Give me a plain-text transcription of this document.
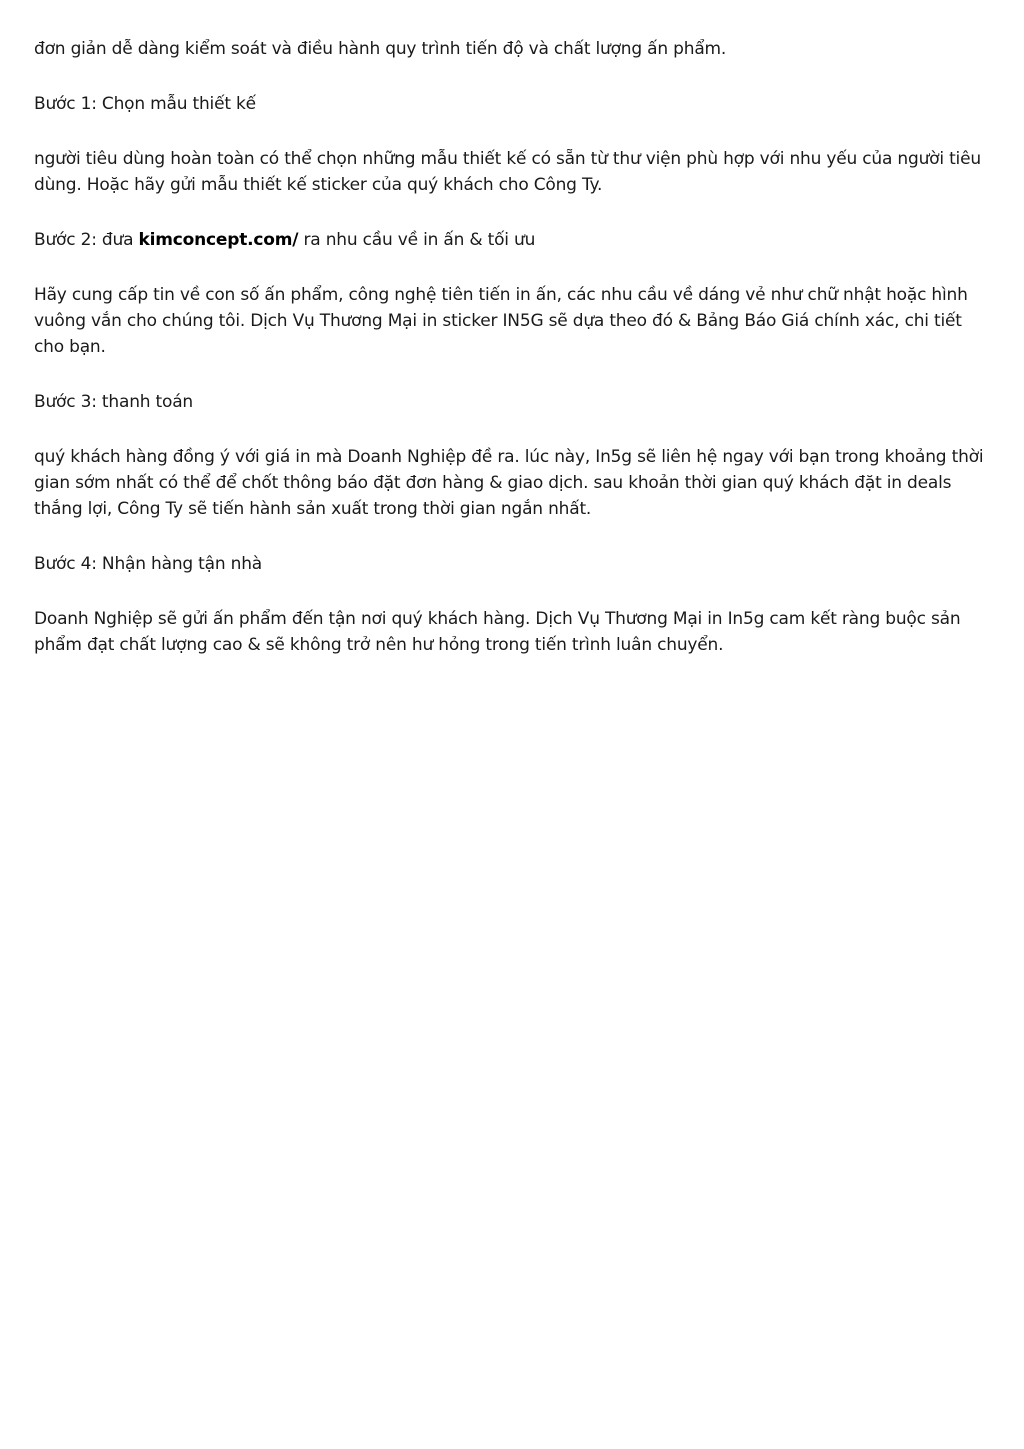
đơn giản dễ dàng kiểm soát và điều hành quy trình tiến độ và chất lượng ấn phẩm.

Bước 1: Chọn mẫu thiết kế

người tiêu dùng hoàn toàn có thể chọn những mẫu thiết kế có sẵn từ thư viện phù hợp với nhu yếu của người tiêu dùng. Hoặc hãy gửi mẫu thiết kế sticker của quý khách cho Công Ty.

Bước 2: đưa kimconcept.com/ ra nhu cầu về in ấn & tối ưu

Hãy cung cấp tin về con số ấn phẩm, công nghệ tiên tiến in ấn, các nhu cầu về dáng vẻ như chữ nhật hoặc hình vuông vắn cho chúng tôi. Dịch Vụ Thương Mại in sticker IN5G sẽ dựa theo đó & Bảng Báo Giá chính xác, chi tiết cho bạn.

Bước 3: thanh toán

quý khách hàng đồng ý với giá in mà Doanh Nghiệp đề ra. lúc này, In5g sẽ liên hệ ngay với bạn trong khoảng thời gian sớm nhất có thể để chốt thông báo đặt đơn hàng & giao dịch. sau khoản thời gian quý khách đặt in deals thắng lợi, Công Ty sẽ tiến hành sản xuất trong thời gian ngắn nhất.

Bước 4: Nhận hàng tận nhà

Doanh Nghiệp sẽ gửi ấn phẩm đến tận nơi quý khách hàng. Dịch Vụ Thương Mại in In5g cam kết ràng buộc sản phẩm đạt chất lượng cao & sẽ không trở nên hư hỏng trong tiến trình luân chuyển.
